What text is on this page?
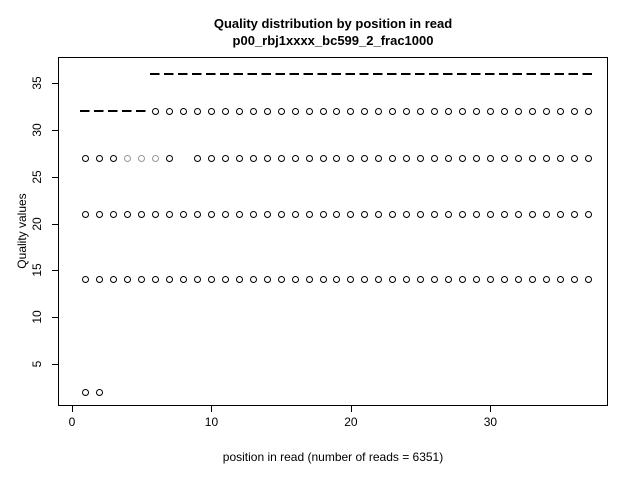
Quality distribution by position in read
p00_rbj1xxxx_bc599_2_frac1000
0	10	20	30
5
10
15
20
25
30
35
position in read (number of reads = 6351)
Quality values
